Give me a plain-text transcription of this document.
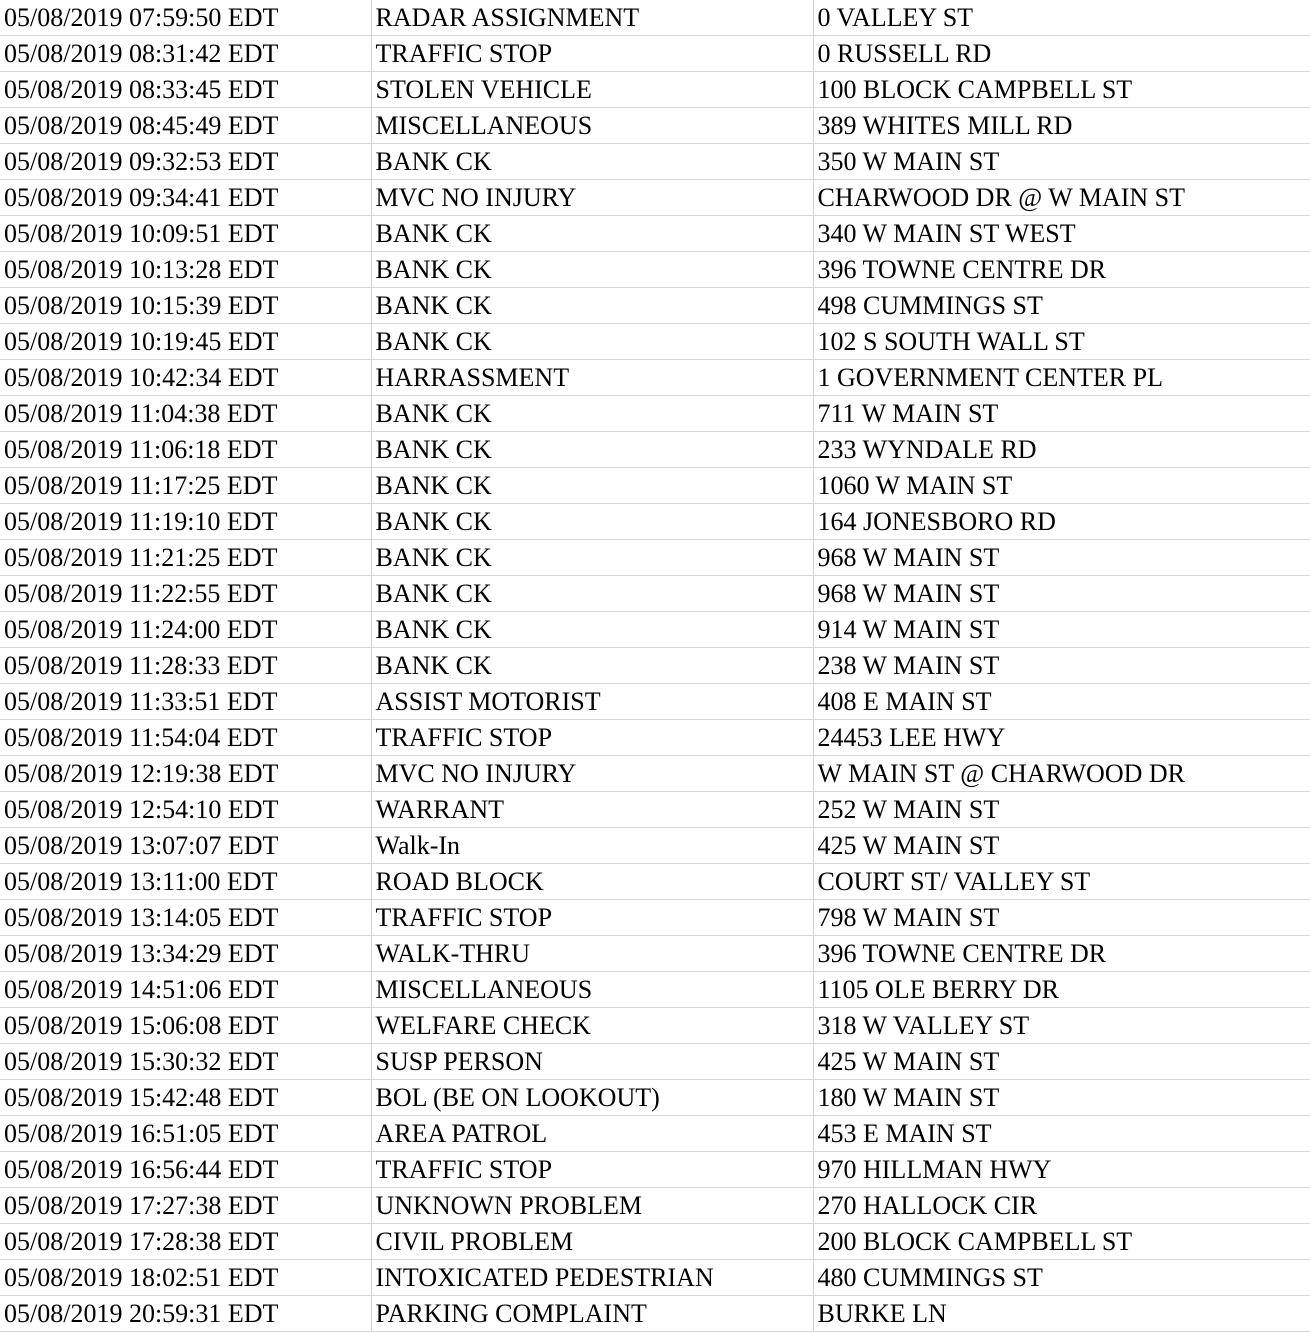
05/08/2019 07:59:50 EDT	RADAR ASSIGNMENT	0 VALLEY ST
05/08/2019 08:31:42 EDT	TRAFFIC STOP	0 RUSSELL RD
05/08/2019 08:33:45 EDT	STOLEN VEHICLE	100 BLOCK CAMPBELL ST
05/08/2019 08:45:49 EDT	MISCELLANEOUS	389 WHITES MILL RD
05/08/2019 09:32:53 EDT	BANK CK	350 W MAIN ST
05/08/2019 09:34:41 EDT	MVC NO INJURY	CHARWOOD DR @ W MAIN ST
05/08/2019 10:09:51 EDT	BANK CK	340 W MAIN ST WEST
05/08/2019 10:13:28 EDT	BANK CK	396 TOWNE CENTRE DR
05/08/2019 10:15:39 EDT	BANK CK	498 CUMMINGS ST
05/08/2019 10:19:45 EDT	BANK CK	102 S SOUTH WALL ST
05/08/2019 10:42:34 EDT	HARRASSMENT	1 GOVERNMENT CENTER PL
05/08/2019 11:04:38 EDT	BANK CK	711 W MAIN ST
05/08/2019 11:06:18 EDT	BANK CK	233 WYNDALE RD
05/08/2019 11:17:25 EDT	BANK CK	1060 W MAIN ST
05/08/2019 11:19:10 EDT	BANK CK	164 JONESBORO RD
05/08/2019 11:21:25 EDT	BANK CK	968 W MAIN ST
05/08/2019 11:22:55 EDT	BANK CK	968 W MAIN ST
05/08/2019 11:24:00 EDT	BANK CK	914 W MAIN ST
05/08/2019 11:28:33 EDT	BANK CK	238 W MAIN ST
05/08/2019 11:33:51 EDT	ASSIST MOTORIST	408 E MAIN ST
05/08/2019 11:54:04 EDT	TRAFFIC STOP	24453 LEE HWY
05/08/2019 12:19:38 EDT	MVC NO INJURY	W MAIN ST @ CHARWOOD DR
05/08/2019 12:54:10 EDT	WARRANT	252 W MAIN ST
05/08/2019 13:07:07 EDT	Walk-In	425 W MAIN ST
05/08/2019 13:11:00 EDT	ROAD BLOCK	COURT ST/ VALLEY ST
05/08/2019 13:14:05 EDT	TRAFFIC STOP	798 W MAIN ST
05/08/2019 13:34:29 EDT	WALK-THRU	396 TOWNE CENTRE DR
05/08/2019 14:51:06 EDT	MISCELLANEOUS	1105 OLE BERRY DR
05/08/2019 15:06:08 EDT	WELFARE CHECK	318 W VALLEY ST
05/08/2019 15:30:32 EDT	SUSP PERSON	425 W MAIN ST
05/08/2019 15:42:48 EDT	BOL (BE ON LOOKOUT)	180 W MAIN ST
05/08/2019 16:51:05 EDT	AREA PATROL	453 E MAIN ST
05/08/2019 16:56:44 EDT	TRAFFIC STOP	970 HILLMAN HWY
05/08/2019 17:27:38 EDT	UNKNOWN PROBLEM	270 HALLOCK CIR
05/08/2019 17:28:38 EDT	CIVIL PROBLEM	200 BLOCK CAMPBELL ST
05/08/2019 18:02:51 EDT	INTOXICATED PEDESTRIAN	480 CUMMINGS ST
05/08/2019 20:59:31 EDT	PARKING COMPLAINT	BURKE LN
